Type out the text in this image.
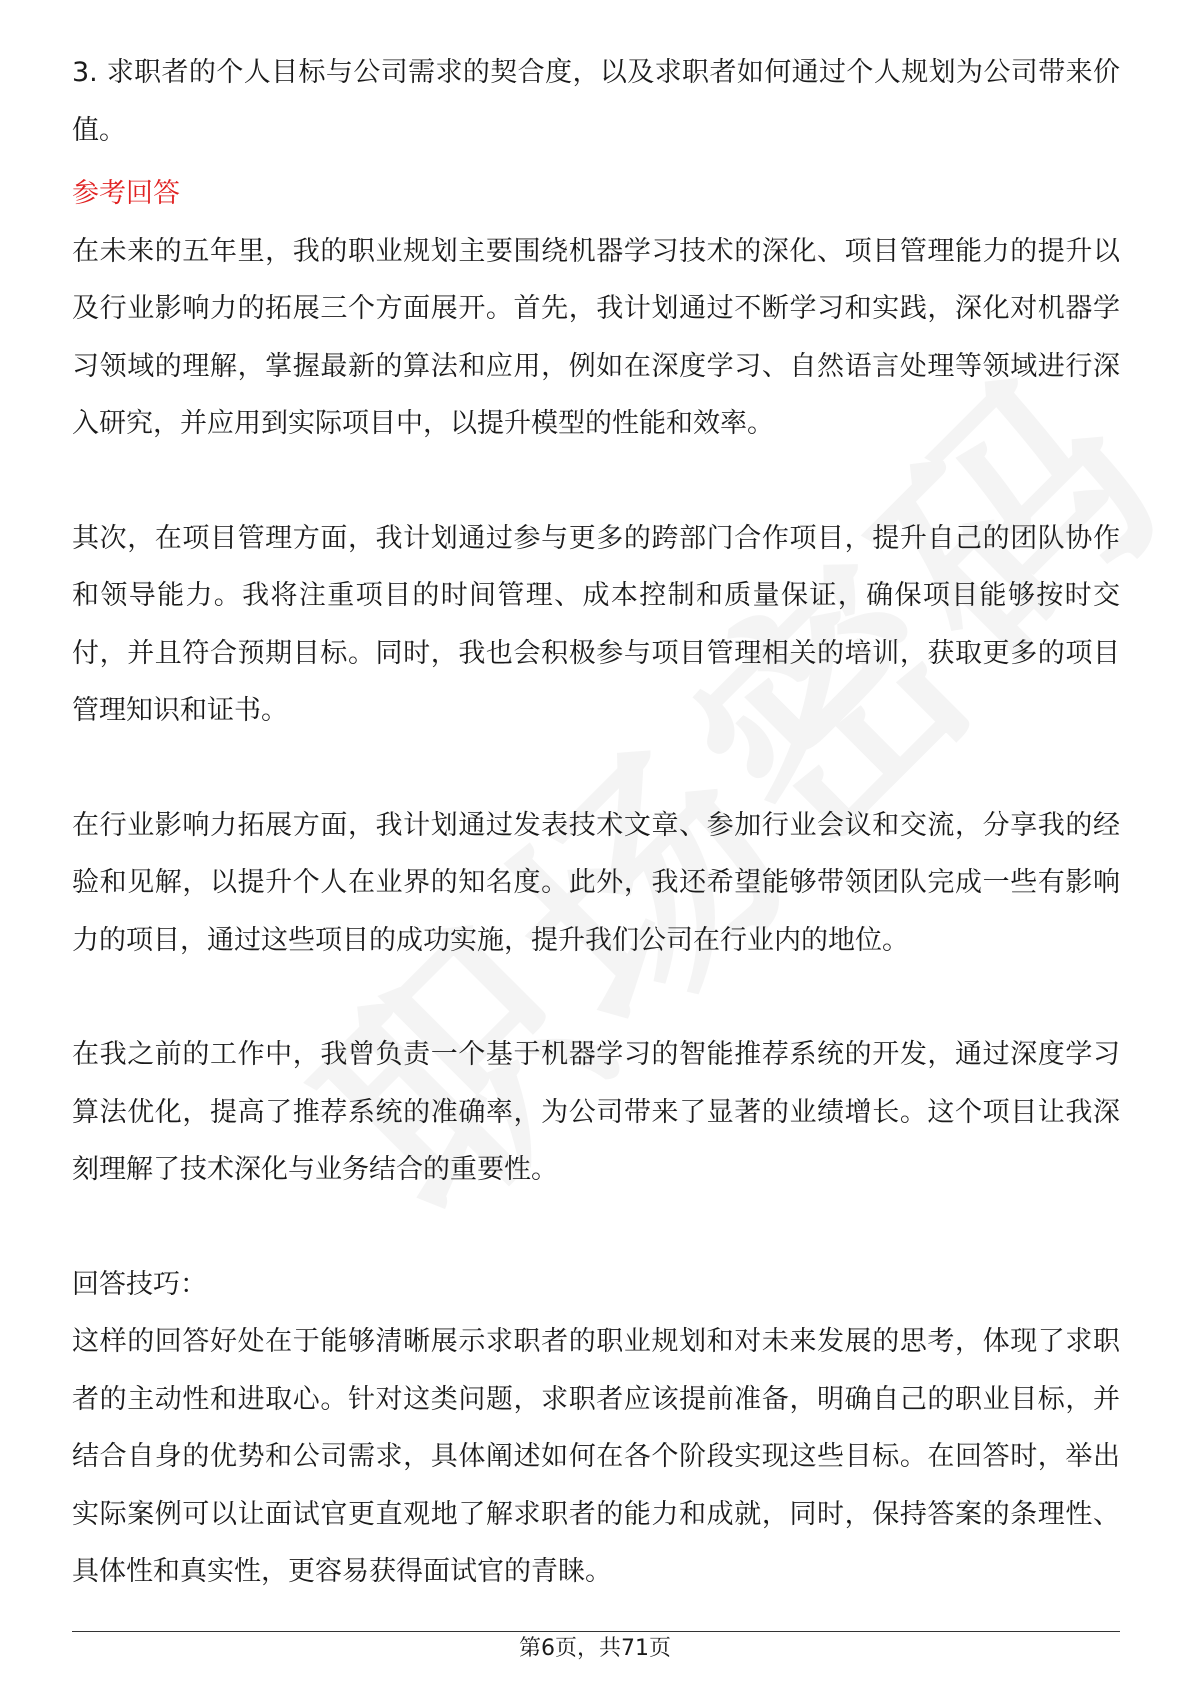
3. 求职者的个人目标与公司需求的契合度，以及求职者如何通过个人规划为公司带来价值。

参考回答

在未来的五年里，我的职业规划主要围绕机器学习技术的深化、项目管理能力的提升以及行业影响力的拓展三个方面展开。首先，我计划通过不断学习和实践，深化对机器学习领域的理解，掌握最新的算法和应用，例如在深度学习、自然语言处理等领域进行深入研究，并应用到实际项目中，以提升模型的性能和效率。

其次，在项目管理方面，我计划通过参与更多的跨部门合作项目，提升自己的团队协作和领导能力。我将注重项目的时间管理、成本控制和质量保证，确保项目能够按时交付，并且符合预期目标。同时，我也会积极参与项目管理相关的培训，获取更多的项目管理知识和证书。

在行业影响力拓展方面，我计划通过发表技术文章、参加行业会议和交流，分享我的经验和见解，以提升个人在业界的知名度。此外，我还希望能够带领团队完成一些有影响力的项目，通过这些项目的成功实施，提升我们公司在行业内的地位。

在我之前的工作中，我曾负责一个基于机器学习的智能推荐系统的开发，通过深度学习算法优化，提高了推荐系统的准确率，为公司带来了显著的业绩增长。这个项目让我深刻理解了技术深化与业务结合的重要性。

回答技巧：

这样的回答好处在于能够清晰展示求职者的职业规划和对未来发展的思考，体现了求职者的主动性和进取心。针对这类问题，求职者应该提前准备，明确自己的职业目标，并结合自身的优势和公司需求，具体阐述如何在各个阶段实现这些目标。在回答时，举出实际案例可以让面试官更直观地了解求职者的能力和成就，同时，保持答案的条理性、具体性和真实性，更容易获得面试官的青睐。

第6页，共71页
